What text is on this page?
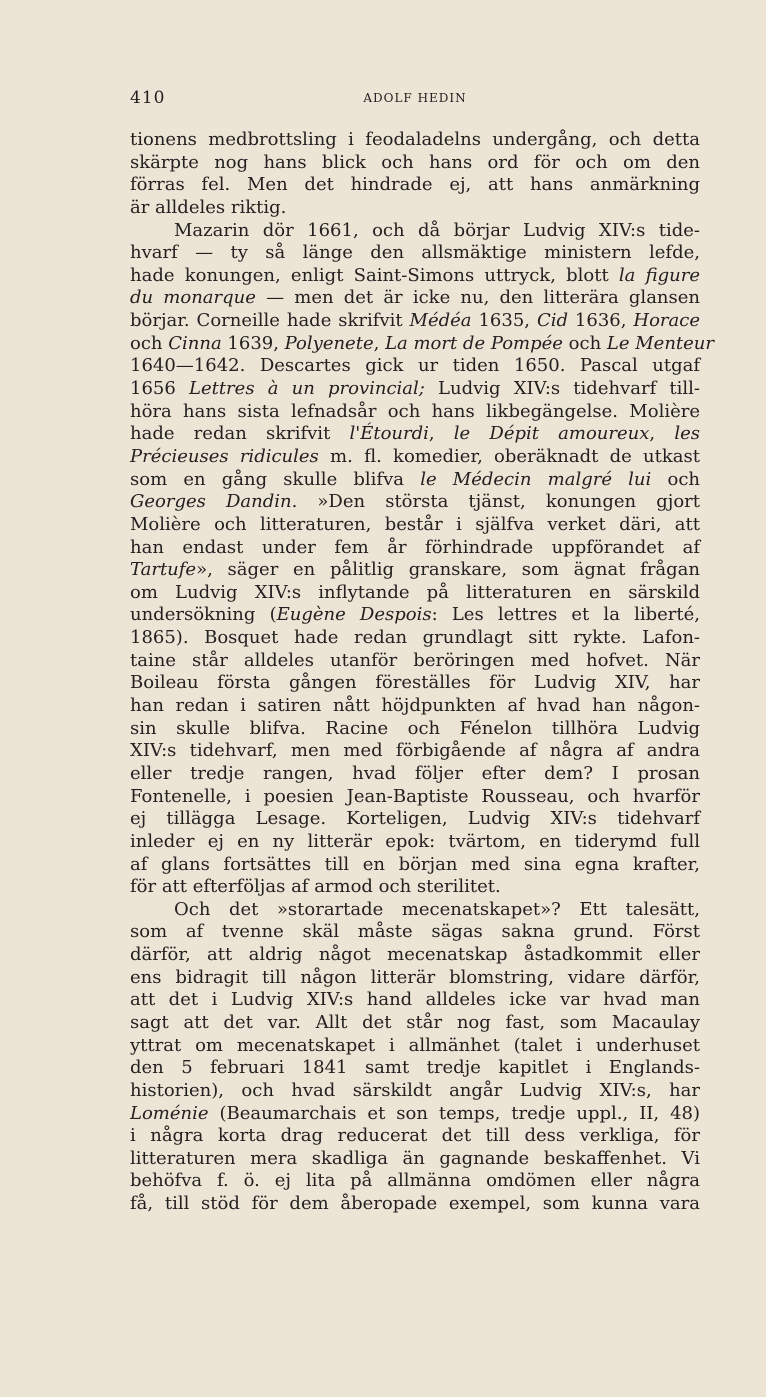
410	ADOLF HEDIN
tionens medbrottsling i feodaladelns undergång, och detta
skärpte nog hans blick och hans ord för och om den
förras fel. Men det hindrade ej, att hans anmärkning
är alldeles riktig.
Mazarin dör 1661, och då börjar Ludvig XIV:s tide-
hvarf — ty så länge den allsmäktige ministern lefde,
hade konungen, enligt Saint-Simons uttryck, blott la figure
du monarque — men det är icke nu, den litterära glansen
börjar. Corneille hade skrifvit Médéa 1635, Cid 1636, Horace
och Cinna 1639, Polyenete, La mort de Pompée och Le Menteur
1640—1642. Descartes gick ur tiden 1650. Pascal utgaf
1656 Lettres à un provincial; Ludvig XIV:s tidehvarf till-
höra hans sista lefnadsår och hans likbegängelse. Molière
hade redan skrifvit l'Étourdi, le Dépit amoureux, les
Précieuses ridicules m. fl. komedier, oberäknadt de utkast
som en gång skulle blifva le Médecin malgré lui och
Georges Dandin. »Den största tjänst, konungen gjort
Molière och litteraturen, består i själfva verket däri, att
han endast under fem år förhindrade uppförandet af
Tartufe», säger en pålitlig granskare, som ägnat frågan
om Ludvig XIV:s inflytande på litteraturen en särskild
undersökning (Eugène Despois: Les lettres et la liberté,
1865). Bosquet hade redan grundlagt sitt rykte. Lafon-
taine står alldeles utanför beröringen med hofvet. När
Boileau första gången föreställes för Ludvig XIV, har
han redan i satiren nått höjdpunkten af hvad han någon-
sin skulle blifva. Racine och Fénelon tillhöra Ludvig
XIV:s tidehvarf, men med förbigående af några af andra
eller tredje rangen, hvad följer efter dem? I prosan
Fontenelle, i poesien Jean-Baptiste Rousseau, och hvarför
ej tillägga Lesage. Korteligen, Ludvig XIV:s tidehvarf
inleder ej en ny litterär epok: tvärtom, en tiderymd full
af glans fortsättes till en början med sina egna krafter,
för att efterföljas af armod och sterilitet.
Och det »storartade mecenatskapet»? Ett talesätt,
som af tvenne skäl måste sägas sakna grund. Först
därför, att aldrig något mecenatskap åstadkommit eller
ens bidragit till någon litterär blomstring, vidare därför,
att det i Ludvig XIV:s hand alldeles icke var hvad man
sagt att det var. Allt det står nog fast, som Macaulay
yttrat om mecenatskapet i allmänhet (talet i underhuset
den 5 februari 1841 samt tredje kapitlet i Englands-
historien), och hvad särskildt angår Ludvig XIV:s, har
Loménie (Beaumarchais et son temps, tredje uppl., II, 48)
i några korta drag reducerat det till dess verkliga, för
litteraturen mera skadliga än gagnande beskaffenhet. Vi
behöfva f. ö. ej lita på allmänna omdömen eller några
få, till stöd för dem åberopade exempel, som kunna vara
